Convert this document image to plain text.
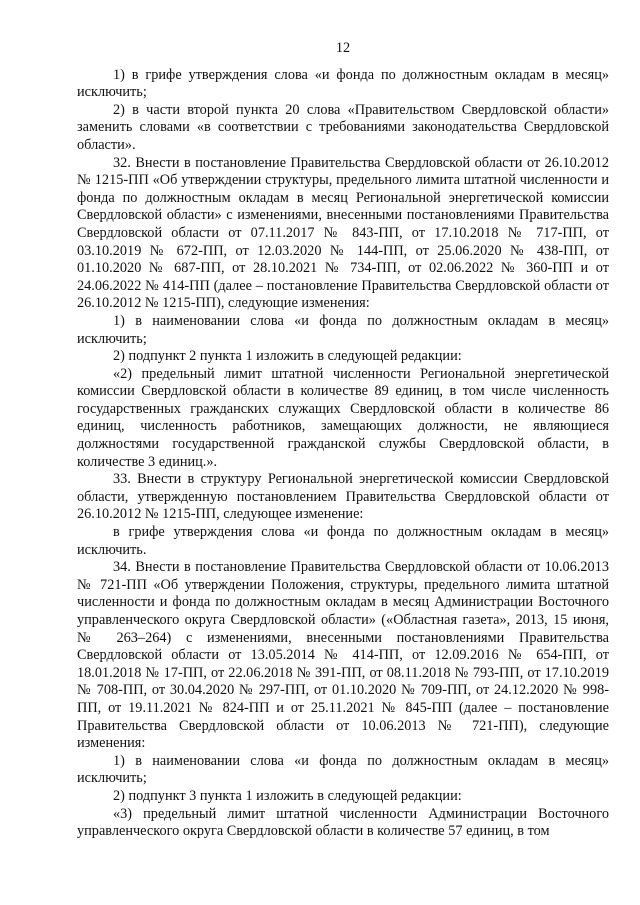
12

1) в грифе утверждения слова «и фонда по должностным окладам в месяц» исключить;

2) в части второй пункта 20 слова «Правительством Свердловской области» заменить словами «в соответствии с требованиями законодательства Свердловской области».

32. Внести в постановление Правительства Свердловской области от 26.10.2012 № 1215-ПП «Об утверждении структуры, предельного лимита штатной численности и фонда по должностным окладам в месяц Региональной энергетической комиссии Свердловской области» с изменениями, внесенными постановлениями Правительства Свердловской области от 07.11.2017 № 843-ПП, от 17.10.2018 № 717-ПП, от 03.10.2019 № 672-ПП, от 12.03.2020 № 144-ПП, от 25.06.2020 № 438-ПП, от 01.10.2020 № 687-ПП, от 28.10.2021 № 734-ПП, от 02.06.2022 № 360-ПП и от 24.06.2022 № 414-ПП (далее – постановление Правительства Свердловской области от 26.10.2012 № 1215-ПП), следующие изменения:

1) в наименовании слова «и фонда по должностным окладам в месяц» исключить;

2) подпункт 2 пункта 1 изложить в следующей редакции:

«2) предельный лимит штатной численности Региональной энергетической комиссии Свердловской области в количестве 89 единиц, в том числе численность государственных гражданских служащих Свердловской области в количестве 86 единиц, численность работников, замещающих должности, не являющиеся должностями государственной гражданской службы Свердловской области, в количестве 3 единиц.».

33. Внести в структуру Региональной энергетической комиссии Свердловской области, утвержденную постановлением Правительства Свердловской области от 26.10.2012 № 1215-ПП, следующее изменение:

в грифе утверждения слова «и фонда по должностным окладам в месяц» исключить.

34. Внести в постановление Правительства Свердловской области от 10.06.2013 № 721-ПП «Об утверждении Положения, структуры, предельного лимита штатной численности и фонда по должностным окладам в месяц Администрации Восточного управленческого округа Свердловской области» («Областная газета», 2013, 15 июня, № 263–264) с изменениями, внесенными постановлениями Правительства Свердловской области от 13.05.2014 № 414-ПП, от 12.09.2016 № 654-ПП, от 18.01.2018 № 17-ПП, от 22.06.2018 № 391-ПП, от 08.11.2018 № 793-ПП, от 17.10.2019 № 708-ПП, от 30.04.2020 № 297-ПП, от 01.10.2020 № 709-ПП, от 24.12.2020 № 998-ПП, от 19.11.2021 № 824-ПП и от 25.11.2021 № 845-ПП (далее – постановление Правительства Свердловской области от 10.06.2013 № 721-ПП), следующие изменения:

1) в наименовании слова «и фонда по должностным окладам в месяц» исключить;

2) подпункт 3 пункта 1 изложить в следующей редакции:

«3) предельный лимит штатной численности Администрации Восточного управленческого округа Свердловской области в количестве 57 единиц, в том
